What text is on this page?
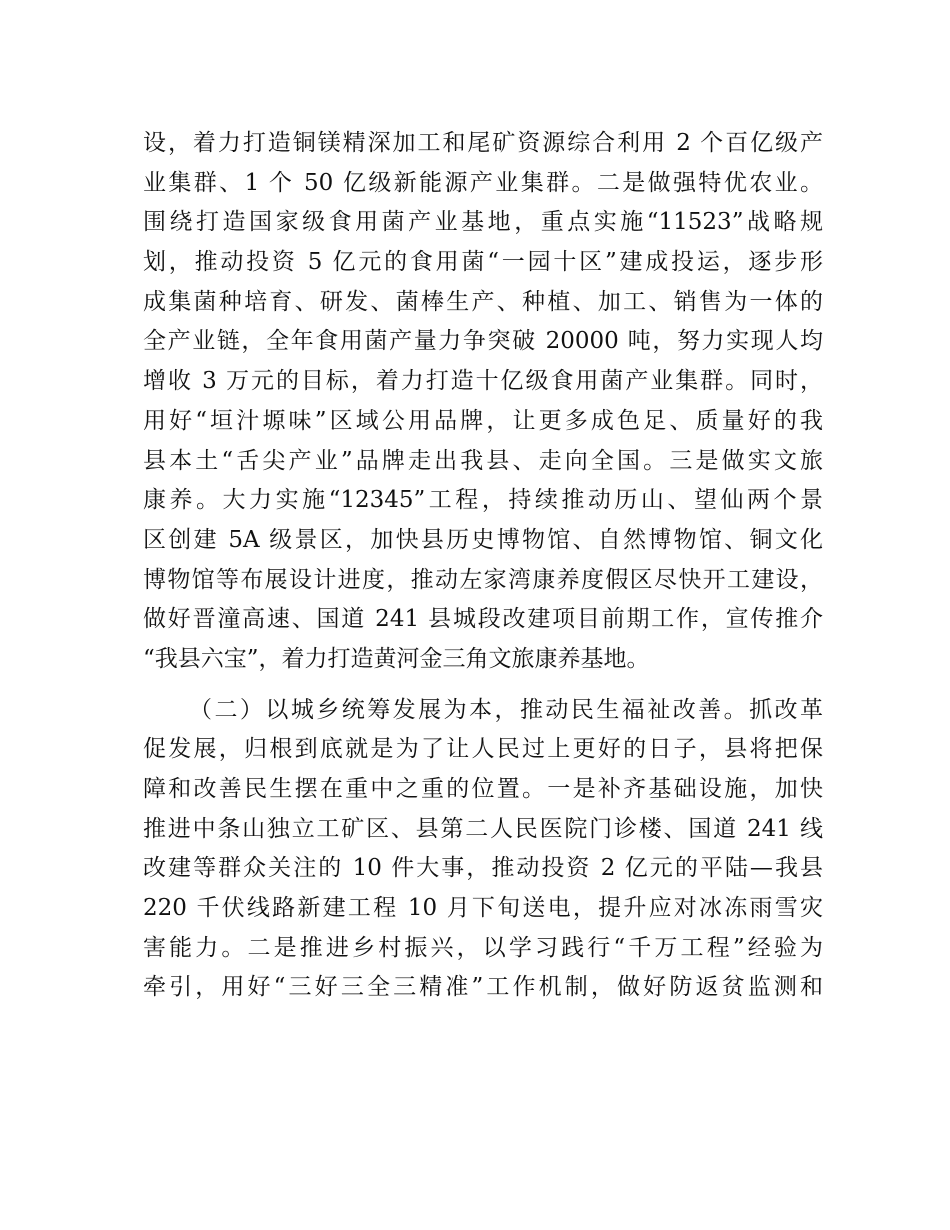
设，着力打造铜镁精深加工和尾矿资源综合利用 2 个百亿级产
业集群、1 个 50 亿级新能源产业集群。二是做强特优农业。
围绕打造国家级食用菌产业基地，重点实施“11523”战略规
划，推动投资 5 亿元的食用菌“一园十区”建成投运，逐步形
成集菌种培育、研发、菌棒生产、种植、加工、销售为一体的
全产业链，全年食用菌产量力争突破 20000 吨，努力实现人均
增收 3 万元的目标，着力打造十亿级食用菌产业集群。同时，
用好“垣汁塬味”区域公用品牌，让更多成色足、质量好的我
县本土“舌尖产业”品牌走出我县、走向全国。三是做实文旅
康养。大力实施“12345”工程，持续推动历山、望仙两个景
区创建 5A 级景区，加快县历史博物馆、自然博物馆、铜文化
博物馆等布展设计进度，推动左家湾康养度假区尽快开工建设，
做好晋潼高速、国道 241 县城段改建项目前期工作，宣传推介
“我县六宝”，着力打造黄河金三角文旅康养基地。
（二）以城乡统筹发展为本，推动民生福祉改善。抓改革
促发展，归根到底就是为了让人民过上更好的日子，县将把保
障和改善民生摆在重中之重的位置。一是补齐基础设施，加快
推进中条山独立工矿区、县第二人民医院门诊楼、国道 241 线
改建等群众关注的 10 件大事，推动投资 2 亿元的平陆—我县
220 千伏线路新建工程 10 月下旬送电，提升应对冰冻雨雪灾
害能力。二是推进乡村振兴，以学习践行“千万工程”经验为
牵引，用好“三好三全三精准”工作机制，做好防返贫监测和
